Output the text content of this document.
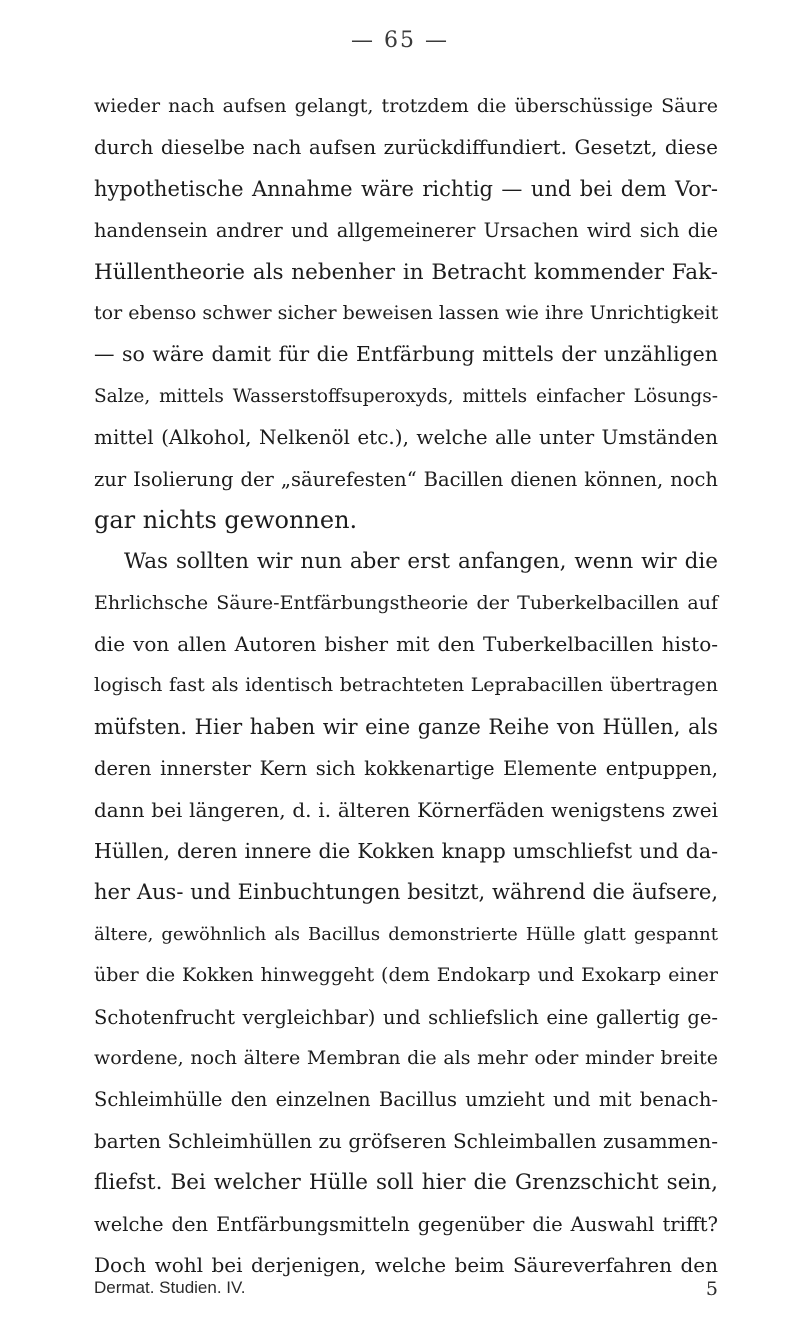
— 65 —
wieder nach aufsen gelangt, trotzdem die überschüssige Säure
durch dieselbe nach aufsen zurückdiffundiert. Gesetzt, diese
hypothetische Annahme wäre richtig — und bei dem Vor-
handensein andrer und allgemeinerer Ursachen wird sich die
Hüllentheorie als nebenher in Betracht kommender Fak-
tor ebenso schwer sicher beweisen lassen wie ihre Unrichtigkeit
— so wäre damit für die Entfärbung mittels der unzähligen
Salze, mittels Wasserstoffsuperoxyds, mittels einfacher Lösungs-
mittel (Alkohol, Nelkenöl etc.), welche alle unter Umständen
zur Isolierung der „säurefesten“ Bacillen dienen können, noch
gar nichts gewonnen.
Was sollten wir nun aber erst anfangen, wenn wir die
Ehrlichsche Säure-Entfärbungstheorie der Tuberkelbacillen auf
die von allen Autoren bisher mit den Tuberkelbacillen histo-
logisch fast als identisch betrachteten Leprabacillen übertragen
müfsten. Hier haben wir eine ganze Reihe von Hüllen, als
deren innerster Kern sich kokkenartige Elemente entpuppen,
dann bei längeren, d. i. älteren Körnerfäden wenigstens zwei
Hüllen, deren innere die Kokken knapp umschliefst und da-
her Aus- und Einbuchtungen besitzt, während die äufsere,
ältere, gewöhnlich als Bacillus demonstrierte Hülle glatt gespannt
über die Kokken hinweggeht (dem Endokarp und Exokarp einer
Schotenfrucht vergleichbar) und schliefslich eine gallertig ge-
wordene, noch ältere Membran die als mehr oder minder breite
Schleimhülle den einzelnen Bacillus umzieht und mit benach-
barten Schleimhüllen zu gröfseren Schleimballen zusammen-
fliefst. Bei welcher Hülle soll hier die Grenzschicht sein,
welche den Entfärbungsmitteln gegenüber die Auswahl trifft?
Doch wohl bei derjenigen, welche beim Säureverfahren den
Dermat. Studien. IV.	5
